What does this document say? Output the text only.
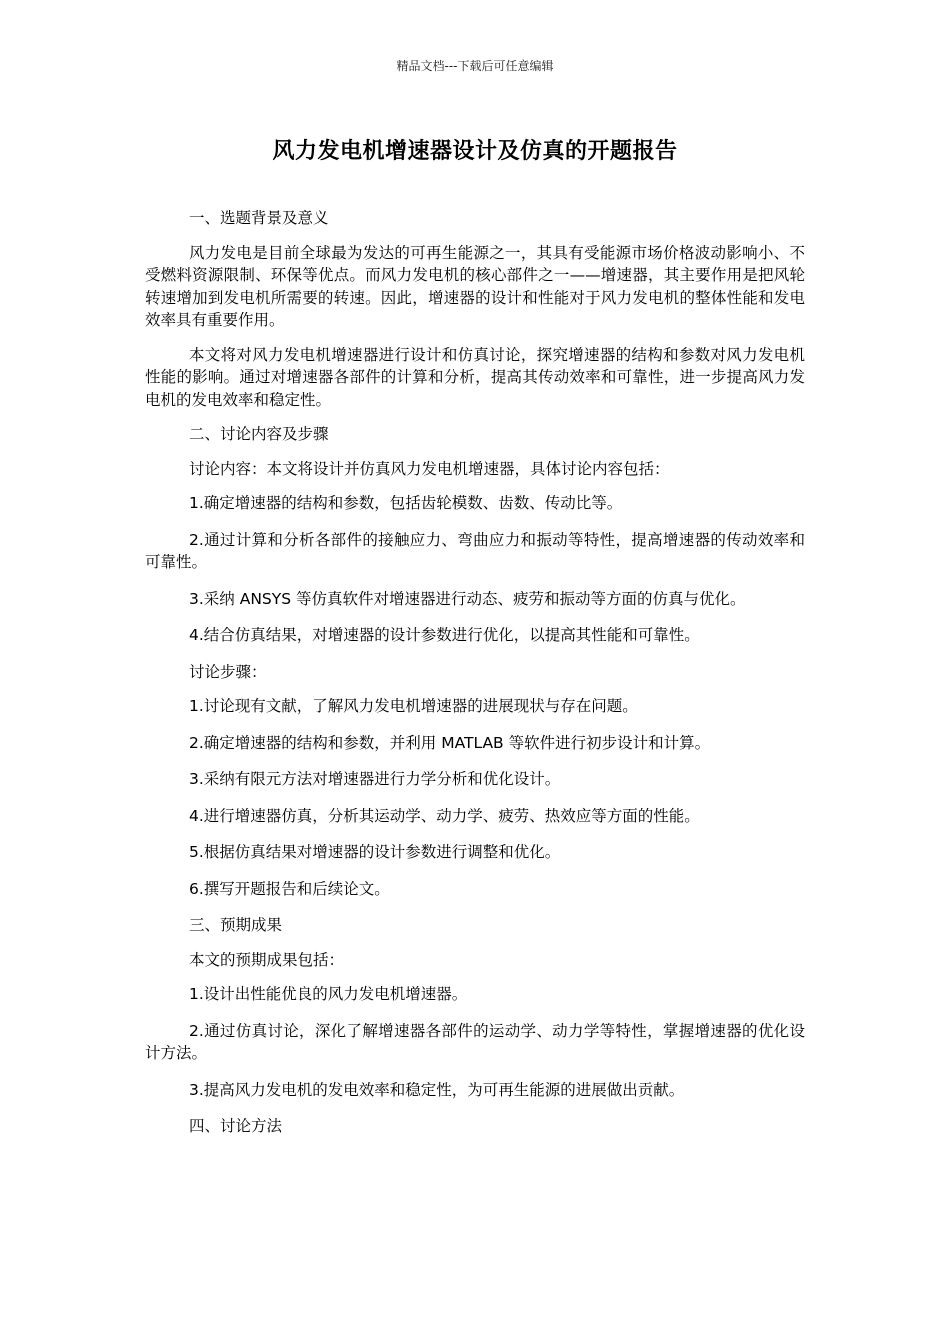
精品文档---下载后可任意编辑
风力发电机增速器设计及仿真的开题报告

一、选题背景及意义

风力发电是目前全球最为发达的可再生能源之一，其具有受能源市场价格波动影响小、不受燃料资源限制、环保等优点。而风力发电机的核心部件之一——增速器，其主要作用是把风轮转速增加到发电机所需要的转速。因此，增速器的设计和性能对于风力发电机的整体性能和发电效率具有重要作用。

本文将对风力发电机增速器进行设计和仿真讨论，探究增速器的结构和参数对风力发电机性能的影响。通过对增速器各部件的计算和分析，提高其传动效率和可靠性，进一步提高风力发电机的发电效率和稳定性。

二、讨论内容及步骤

讨论内容：本文将设计并仿真风力发电机增速器，具体讨论内容包括：

1.确定增速器的结构和参数，包括齿轮模数、齿数、传动比等。

2.通过计算和分析各部件的接触应力、弯曲应力和振动等特性，提高增速器的传动效率和可靠性。

3.采纳 ANSYS 等仿真软件对增速器进行动态、疲劳和振动等方面的仿真与优化。

4.结合仿真结果，对增速器的设计参数进行优化，以提高其性能和可靠性。

讨论步骤：

1.讨论现有文献，了解风力发电机增速器的进展现状与存在问题。

2.确定增速器的结构和参数，并利用 MATLAB 等软件进行初步设计和计算。

3.采纳有限元方法对增速器进行力学分析和优化设计。

4.进行增速器仿真，分析其运动学、动力学、疲劳、热效应等方面的性能。

5.根据仿真结果对增速器的设计参数进行调整和优化。

6.撰写开题报告和后续论文。

三、预期成果

本文的预期成果包括：

1.设计出性能优良的风力发电机增速器。

2.通过仿真讨论，深化了解增速器各部件的运动学、动力学等特性，掌握增速器的优化设计方法。

3.提高风力发电机的发电效率和稳定性，为可再生能源的进展做出贡献。

四、讨论方法
